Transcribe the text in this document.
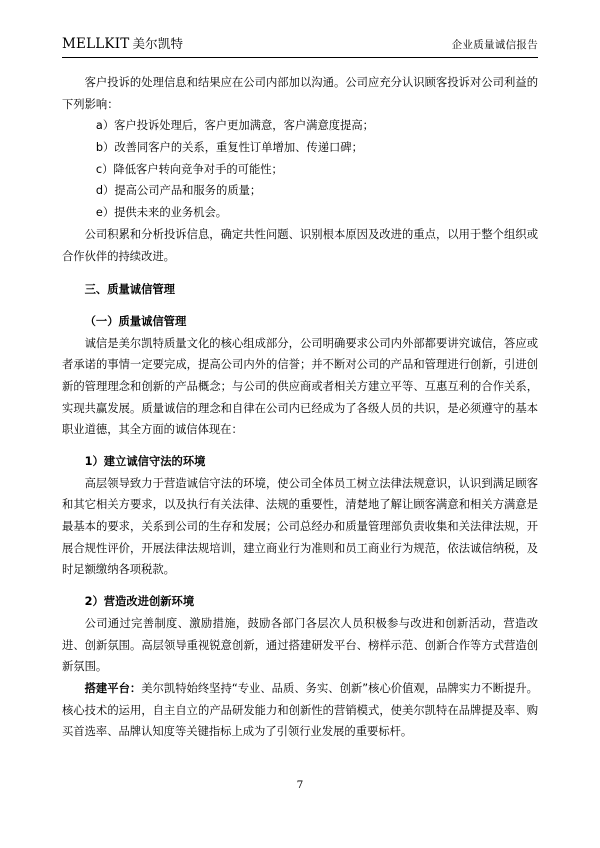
MELLKIT 美尔凯特	企业质量诚信报告

客户投诉的处理信息和结果应在公司内部加以沟通。公司应充分认识顾客投诉对公司利益的下列影响：

a）客户投诉处理后，客户更加满意，客户满意度提高；

b）改善同客户的关系，重复性订单增加、传递口碑；

c）降低客户转向竞争对手的可能性；

d）提高公司产品和服务的质量；

e）提供未来的业务机会。

公司积累和分析投诉信息，确定共性问题、识别根本原因及改进的重点，以用于整个组织或合作伙伴的持续改进。

三、质量诚信管理

（一）质量诚信管理

诚信是美尔凯特质量文化的核心组成部分，公司明确要求公司内外部都要讲究诚信，答应或者承诺的事情一定要完成，提高公司内外的信誉；并不断对公司的产品和管理进行创新，引进创新的管理理念和创新的产品概念；与公司的供应商或者相关方建立平等、互惠互利的合作关系，实现共赢发展。质量诚信的理念和自律在公司内已经成为了各级人员的共识，是必须遵守的基本职业道德，其全方面的诚信体现在：

1）建立诚信守法的环境

高层领导致力于营造诚信守法的环境，使公司全体员工树立法律法规意识，认识到满足顾客和其它相关方要求，以及执行有关法律、法规的重要性，清楚地了解让顾客满意和相关方满意是最基本的要求，关系到公司的生存和发展；公司总经办和质量管理部负责收集和关法律法规，开展合规性评价，开展法律法规培训，建立商业行为准则和员工商业行为规范，依法诚信纳税，及时足额缴纳各项税款。

2）营造改进创新环境

公司通过完善制度、激励措施，鼓励各部门各层次人员积极参与改进和创新活动，营造改进、创新氛围。高层领导重视锐意创新，通过搭建研发平台、榜样示范、创新合作等方式营造创新氛围。

搭建平台：美尔凯特始终坚持“专业、品质、务实、创新”核心价值观，品牌实力不断提升。核心技术的运用，自主自立的产品研发能力和创新性的营销模式，使美尔凯特在品牌提及率、购买首选率、品牌认知度等关键指标上成为了引领行业发展的重要标杆。

7
